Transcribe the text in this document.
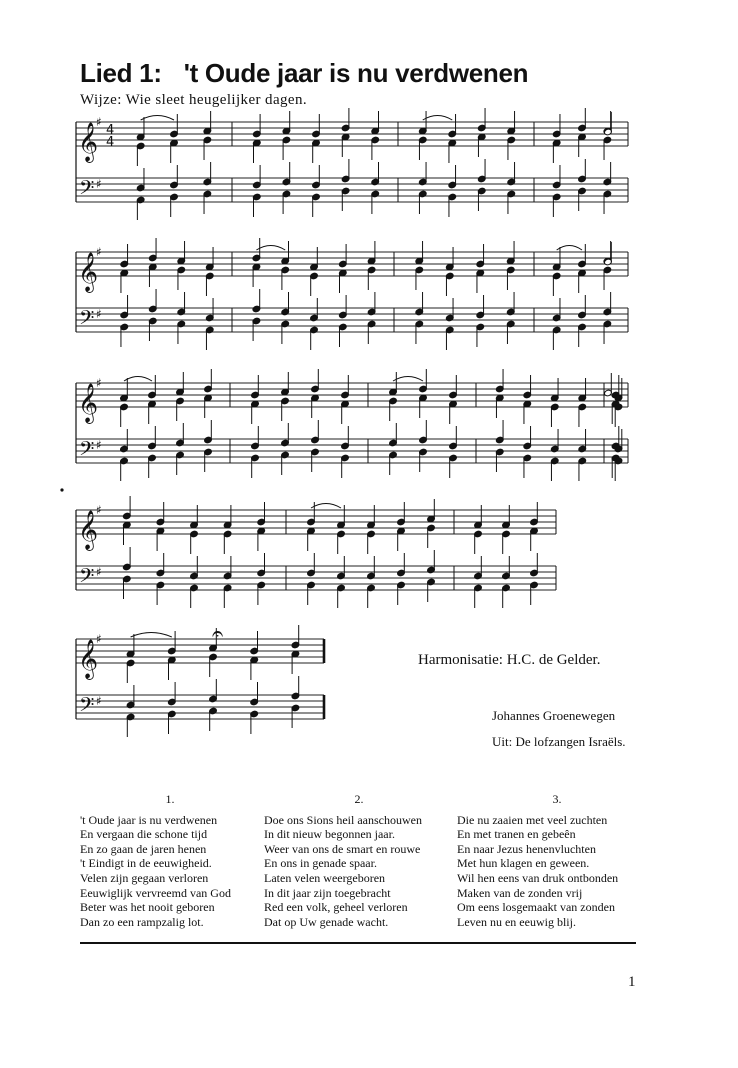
Lied 1: 't Oude jaar is nu verdwenen
Wijze: Wie sleet heugelijker dagen.
𝄞
𝄢
♯
♯
4
4
𝄞
𝄢
♯
♯
𝄞
𝄢
♯
♯
𝄞
𝄢
♯
♯
𝄞
𝄢
♯
♯
𝄐
Harmonisatie: H.C. de Gelder.
Johannes Groenewegen
Uit: De lofzangen Israëls.
1.
't Oude jaar is nu verdwenen
En vergaan die schone tijd
En zo gaan de jaren henen
't Eindigt in de eeuwigheid.
Velen zijn gegaan verloren
Eeuwiglijk vervreemd van God
Beter was het nooit geboren
Dan zo een rampzalig lot.
2.
Doe ons Sions heil aanschouwen
In dit nieuw begonnen jaar.
Weer van ons de smart en rouwe
En ons in genade spaar.
Laten velen weergeboren
In dit jaar zijn toegebracht
Red een volk, geheel verloren
Dat op Uw genade wacht.
3.
Die nu zaaien met veel zuchten
En met tranen en gebeên
En naar Jezus henenvluchten
Met hun klagen en geween.
Wil hen eens van druk ontbonden
Maken van de zonden vrij
Om eens losgemaakt van zonden
Leven nu en eeuwig blij.
1
